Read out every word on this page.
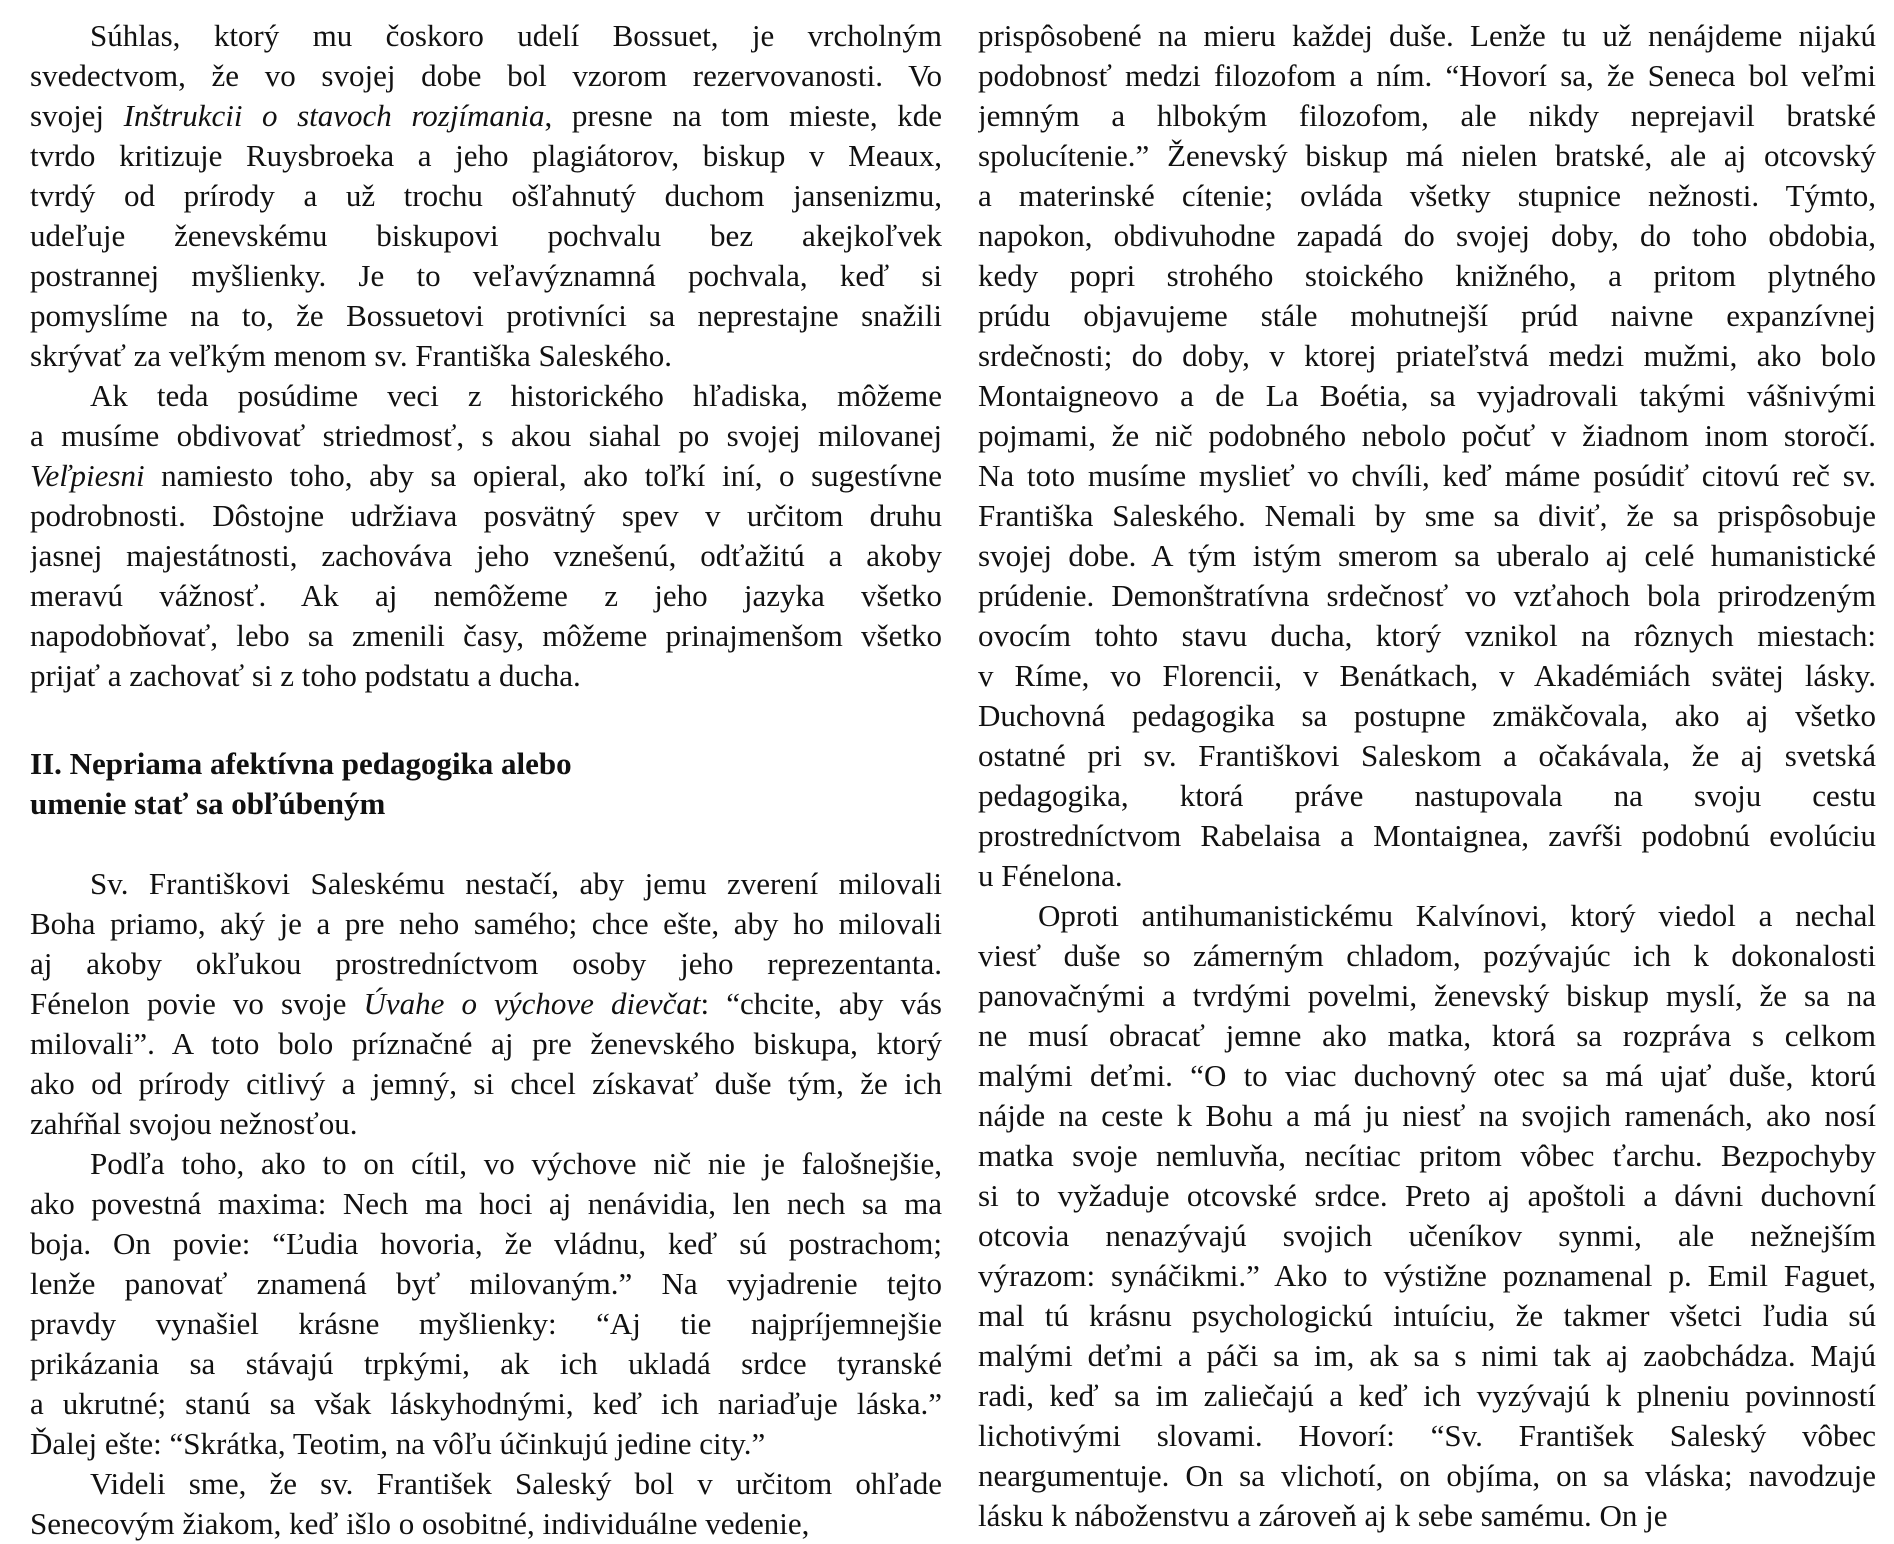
Súhlas, ktorý mu čoskoro udelí Bossuet, je vrcholným
svedectvom, že vo svojej dobe bol vzorom rezervovanosti. Vo
svojej Inštrukcii o stavoch rozjímania, presne na tom mieste, kde
tvrdo kritizuje Ruysbroeka a jeho plagiátorov, biskup v Meaux,
tvrdý od prírody a už trochu ošľahnutý duchom jansenizmu,
udeľuje ženevskému biskupovi pochvalu bez akejkoľvek
postrannej myšlienky. Je to veľavýznamná pochvala, keď si
pomyslíme na to, že Bossuetovi protivníci sa neprestajne snažili
skrývať za veľkým menom sv. Františka Saleského.
Ak teda posúdime veci z historického hľadiska, môžeme
a musíme obdivovať striedmosť, s akou siahal po svojej milovanej
Veľpiesni namiesto toho, aby sa opieral, ako toľkí iní, o sugestívne
podrobnosti. Dôstojne udržiava posvätný spev v určitom druhu
jasnej majestátnosti, zachováva jeho vznešenú, odťažitú a akoby
meravú vážnosť. Ak aj nemôžeme z jeho jazyka všetko
napodobňovať, lebo sa zmenili časy, môžeme prinajmenšom všetko
prijať a zachovať si z toho podstatu a ducha.
II. Nepriama afektívna pedagogika alebo
umenie stať sa obľúbeným
Sv. Františkovi Saleskému nestačí, aby jemu zverení milovali
Boha priamo, aký je a pre neho samého; chce ešte, aby ho milovali
aj akoby okľukou prostredníctvom osoby jeho reprezentanta.
Fénelon povie vo svoje Úvahe o výchove dievčat: “chcite, aby vás
milovali”. A toto bolo príznačné aj pre ženevského biskupa, ktorý
ako od prírody citlivý a jemný, si chcel získavať duše tým, že ich
zahŕňal svojou nežnosťou.
Podľa toho, ako to on cítil, vo výchove nič nie je falošnejšie,
ako povestná maxima: Nech ma hoci aj nenávidia, len nech sa ma
boja. On povie: “Ľudia hovoria, že vládnu, keď sú postrachom;
lenže panovať znamená byť milovaným.” Na vyjadrenie tejto
pravdy vynašiel krásne myšlienky: “Aj tie najpríjemnejšie
prikázania sa stávajú trpkými, ak ich ukladá srdce tyranské
a ukrutné; stanú sa však láskyhodnými, keď ich nariaďuje láska.”
Ďalej ešte: “Skrátka, Teotim, na vôľu účinkujú jedine city.”
Videli sme, že sv. František Saleský bol v určitom ohľade
Senecovým žiakom, keď išlo o osobitné, individuálne vedenie,
prispôsobené na mieru každej duše. Lenže tu už nenájdeme nijakú
podobnosť medzi filozofom a ním. “Hovorí sa, že Seneca bol veľmi
jemným a hlbokým filozofom, ale nikdy neprejavil bratské
spolucítenie.” Ženevský biskup má nielen bratské, ale aj otcovský
a materinské cítenie; ovláda všetky stupnice nežnosti. Týmto,
napokon, obdivuhodne zapadá do svojej doby, do toho obdobia,
kedy popri strohého stoického knižného, a pritom plytného
prúdu objavujeme stále mohutnejší prúd naivne expanzívnej
srdečnosti; do doby, v ktorej priateľstvá medzi mužmi, ako bolo
Montaigneovo a de La Boétia, sa vyjadrovali takými vášnivými
pojmami, že nič podobného nebolo počuť v žiadnom inom storočí.
Na toto musíme myslieť vo chvíli, keď máme posúdiť citovú reč sv.
Františka Saleského. Nemali by sme sa diviť, že sa prispôsobuje
svojej dobe. A tým istým smerom sa uberalo aj celé humanistické
prúdenie. Demonštratívna srdečnosť vo vzťahoch bola prirodzeným
ovocím tohto stavu ducha, ktorý vznikol na rôznych miestach:
v Ríme, vo Florencii, v Benátkach, v Akadémiách svätej lásky.
Duchovná pedagogika sa postupne zmäkčovala, ako aj všetko
ostatné pri sv. Františkovi Saleskom a očakávala, že aj svetská
pedagogika, ktorá práve nastupovala na svoju cestu
prostredníctvom Rabelaisa a Montaignea, zavŕši podobnú evolúciu
u Fénelona.
Oproti antihumanistickému Kalvínovi, ktorý viedol a nechal
viesť duše so zámerným chladom, pozývajúc ich k dokonalosti
panovačnými a tvrdými povelmi, ženevský biskup myslí, že sa na
ne musí obracať jemne ako matka, ktorá sa rozpráva s celkom
malými deťmi. “O to viac duchovný otec sa má ujať duše, ktorú
nájde na ceste k Bohu a má ju niesť na svojich ramenách, ako nosí
matka svoje nemluvňa, necítiac pritom vôbec ťarchu. Bezpochyby
si to vyžaduje otcovské srdce. Preto aj apoštoli a dávni duchovní
otcovia nenazývajú svojich učeníkov synmi, ale nežnejším
výrazom: synáčikmi.” Ako to výstižne poznamenal p. Emil Faguet,
mal tú krásnu psychologickú intuíciu, že takmer všetci ľudia sú
malými deťmi a páči sa im, ak sa s nimi tak aj zaobchádza. Majú
radi, keď sa im zaliečajú a keď ich vyzývajú k plneniu povinností
lichotivými slovami. Hovorí: “Sv. František Saleský vôbec
neargumentuje. On sa vlichotí, on objíma, on sa vláska; navodzuje
lásku k náboženstvu a zároveň aj k sebe samému. On je
